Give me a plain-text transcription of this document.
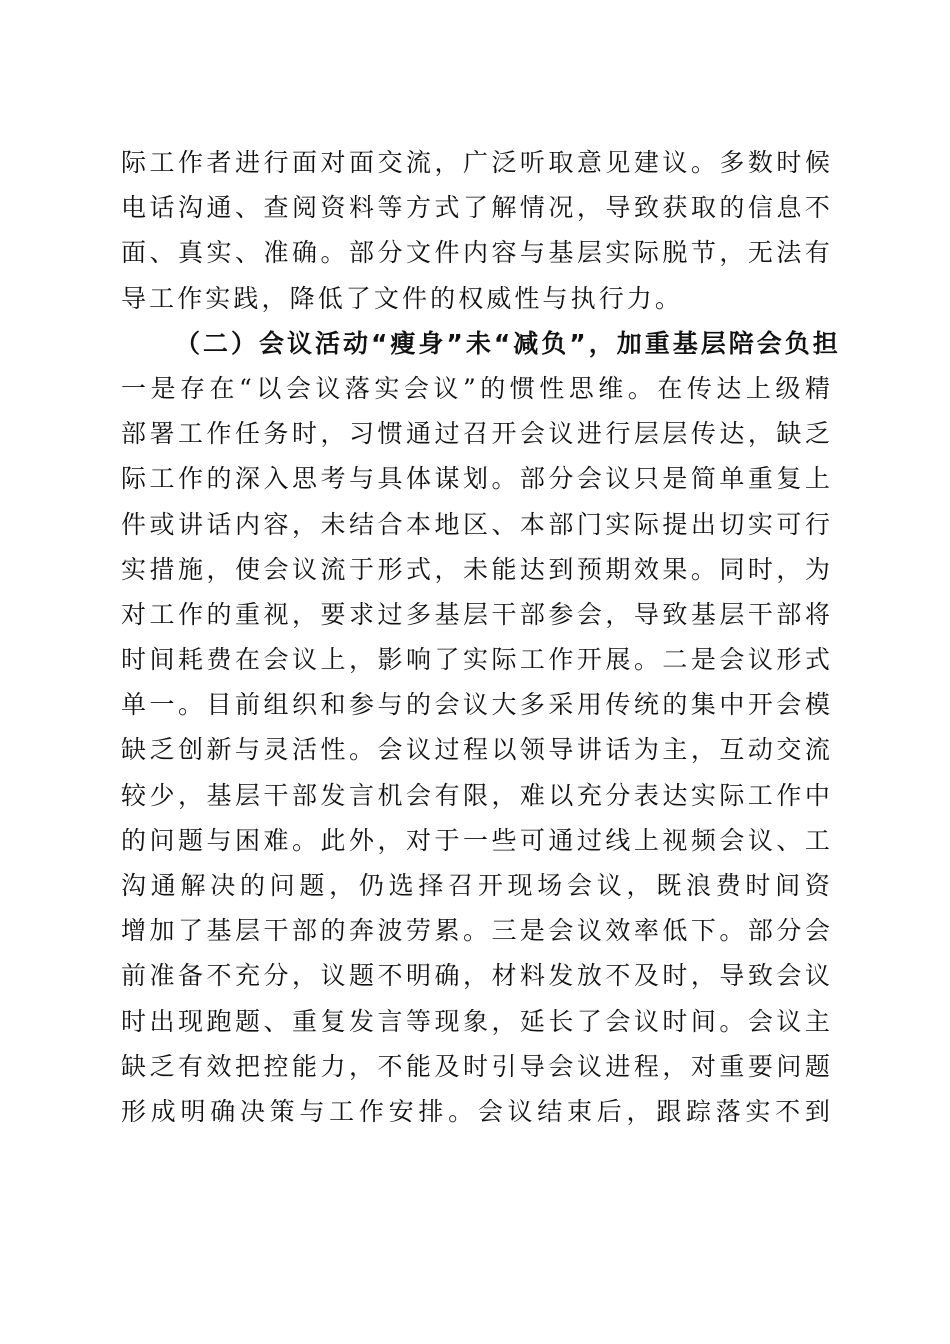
际工作者进行面对面交流，广泛听取意见建议。多数时候
电话沟通、查阅资料等方式了解情况，导致获取的信息不
面、真实、准确。部分文件内容与基层实际脱节，无法有
导工作实践，降低了文件的权威性与执行力。
（二）会议活动“瘦身”未“减负”，加重基层陪会负担
一是存在“以会议落实会议”的惯性思维。在传达上级精
部署工作任务时，习惯通过召开会议进行层层传达，缺乏
际工作的深入思考与具体谋划。部分会议只是简单重复上
件或讲话内容，未结合本地区、本部门实际提出切实可行
实措施，使会议流于形式，未能达到预期效果。同时，为
对工作的重视，要求过多基层干部参会，导致基层干部将
时间耗费在会议上，影响了实际工作开展。二是会议形式
单一。目前组织和参与的会议大多采用传统的集中开会模
缺乏创新与灵活性。会议过程以领导讲话为主，互动交流
较少，基层干部发言机会有限，难以充分表达实际工作中
的问题与困难。此外，对于一些可通过线上视频会议、工
沟通解决的问题，仍选择召开现场会议，既浪费时间资
增加了基层干部的奔波劳累。三是会议效率低下。部分会
前准备不充分，议题不明确，材料发放不及时，导致会议
时出现跑题、重复发言等现象，延长了会议时间。会议主
缺乏有效把控能力，不能及时引导会议进程，对重要问题
形成明确决策与工作安排。会议结束后，跟踪落实不到
